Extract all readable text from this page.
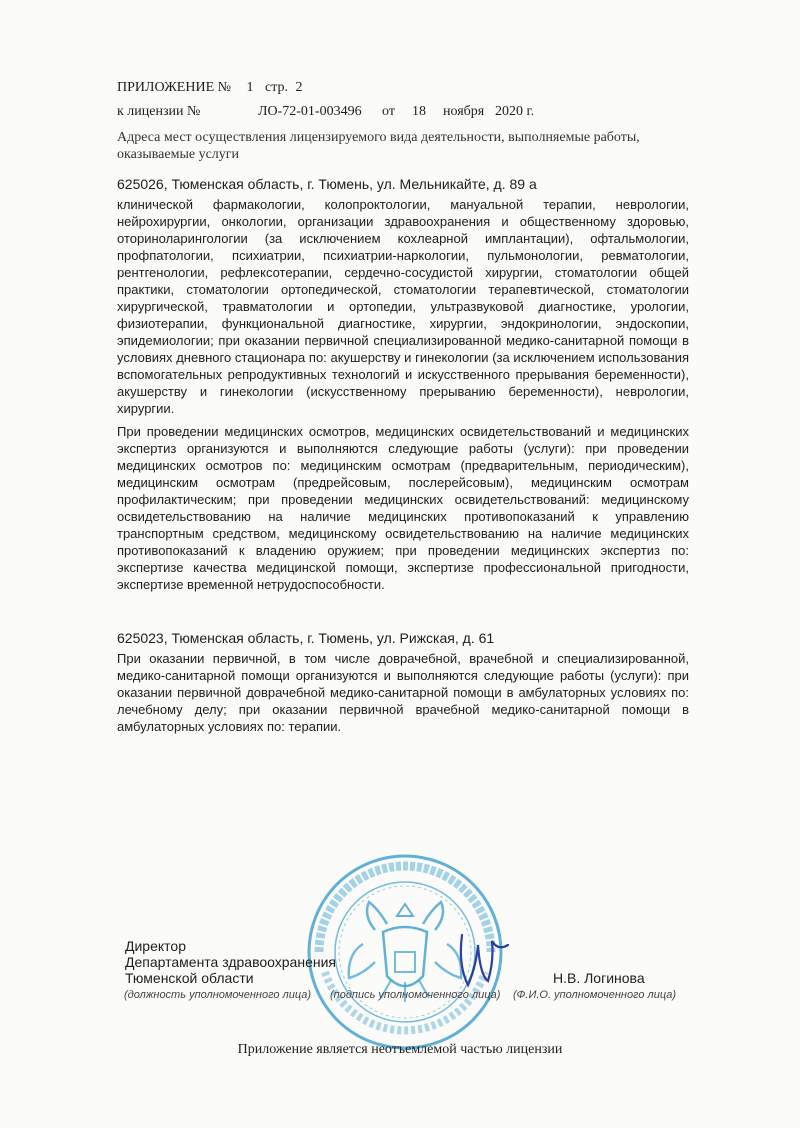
ПРИЛОЖЕНИЕ № 1 стр. 2
к лицензии №	ЛО-72-01-003496 от 18 ноября 2020 г.
Адреса мест осуществления лицензируемого вида деятельности, выполняемые работы, оказываемые услуги
625026, Тюменская область, г. Тюмень, ул. Мельникайте, д. 89 а

клинической фармакологии, колопроктологии, мануальной терапии, неврологии, нейрохирургии, онкологии, организации здравоохранения и общественному здоровью, оториноларингологии (за исключением кохлеарной имплантации), офтальмологии, профпатологии, психиатрии, психиатрии-наркологии, пульмонологии, ревматологии, рентгенологии, рефлексотерапии, сердечно-сосудистой хирургии, стоматологии общей практики, стоматологии ортопедической, стоматологии терапевтической, стоматологии хирургической, травматологии и ортопедии, ультразвуковой диагностике, урологии, физиотерапии, функциональной диагностике, хирургии, эндокринологии, эндоскопии, эпидемиологии; при оказании первичной специализированной медико-санитарной помощи в условиях дневного стационара по: акушерству и гинекологии (за исключением использования вспомогательных репродуктивных технологий и искусственного прерывания беременности), акушерству и гинекологии (искусственному прерыванию беременности), неврологии, хирургии.

При проведении медицинских осмотров, медицинских освидетельствований и медицинских экспертиз организуются и выполняются следующие работы (услуги): при проведении медицинских осмотров по: медицинским осмотрам (предварительным, периодическим), медицинским осмотрам (предрейсовым, послерейсовым), медицинским осмотрам профилактическим; при проведении медицинских освидетельствований: медицинскому освидетельствованию на наличие медицинских противопоказаний к управлению транспортным средством, медицинскому освидетельствованию на наличие медицинских противопоказаний к владению оружием; при проведении медицинских экспертиз по: экспертизе качества медицинской помощи, экспертизе профессиональной пригодности, экспертизе временной нетрудоспособности.

625023, Тюменская область, г. Тюмень, ул. Рижская, д. 61

При оказании первичной, в том числе доврачебной, врачебной и специализированной, медико-санитарной помощи организуются и выполняются следующие работы (услуги): при оказании первичной доврачебной медико-санитарной помощи в амбулаторных условиях по: лечебному делу; при оказании первичной врачебной медико-санитарной помощи в амбулаторных условиях по: терапии.

Директор
Департамента здравоохранения
Тюменской области	Н.В. Логинова
(должность уполномоченного лица) (подпись уполномоченного лица) (Ф.И.О. уполномоченного лица)
Приложение является неотъемлемой частью лицензии
